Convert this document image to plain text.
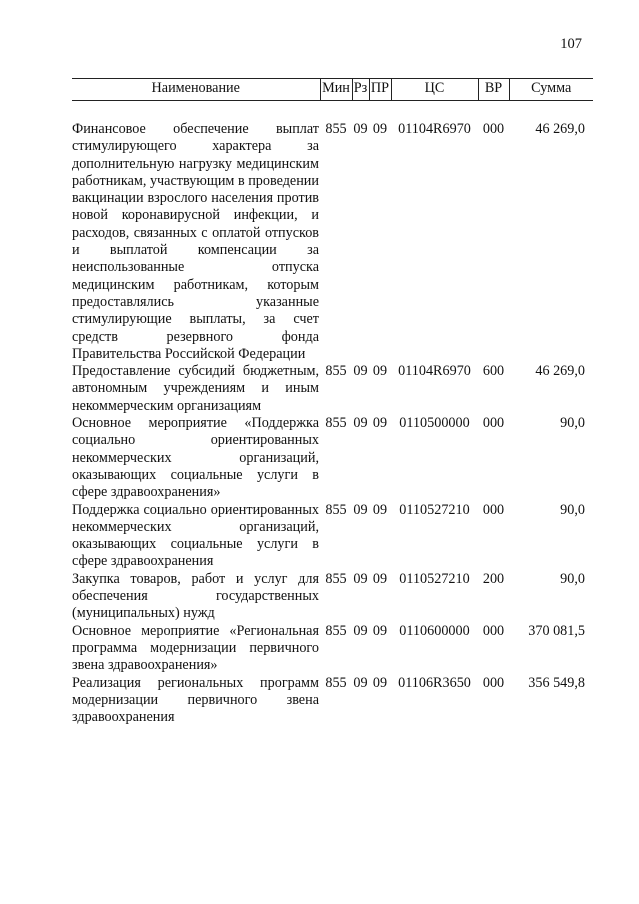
107
Наименование	Мин	Рз	ПР	ЦС	ВР	Сумма

Финансовое обеспечение выплат стимулирующего характера за дополнительную нагрузку медицинским работникам, участвующим в проведении вакцинации взрослого населения против новой коронавирусной инфекции, и расходов, связанных с оплатой отпусков и выплатой компенсации за неиспользованные отпуска медицинским работникам, которым предоставлялись указанные стимулирующие выплаты, за счет средств резервного фонда Правительства Российской Федерации	855	09	09	01104R6970	000	46 269,0
Предоставление субсидий бюджетным, автономным учреждениям и иным некоммерческим организациям	855	09	09	01104R6970	600	46 269,0
Основное мероприятие «Поддержка социально ориентированных некоммерческих организаций, оказывающих социальные услуги в сфере здравоохранения»	855	09	09	0110500000	000	90,0
Поддержка социально ориентированных некоммерческих организаций, оказывающих социальные услуги в сфере здравоохранения	855	09	09	0110527210	000	90,0
Закупка товаров, работ и услуг для обеспечения государственных (муниципальных) нужд	855	09	09	0110527210	200	90,0
Основное мероприятие «Региональная программа модернизации первичного звена здравоохранения»	855	09	09	0110600000	000	370 081,5
Реализация региональных программ модернизации первичного звена здравоохранения	855	09	09	01106R3650	000	356 549,8
